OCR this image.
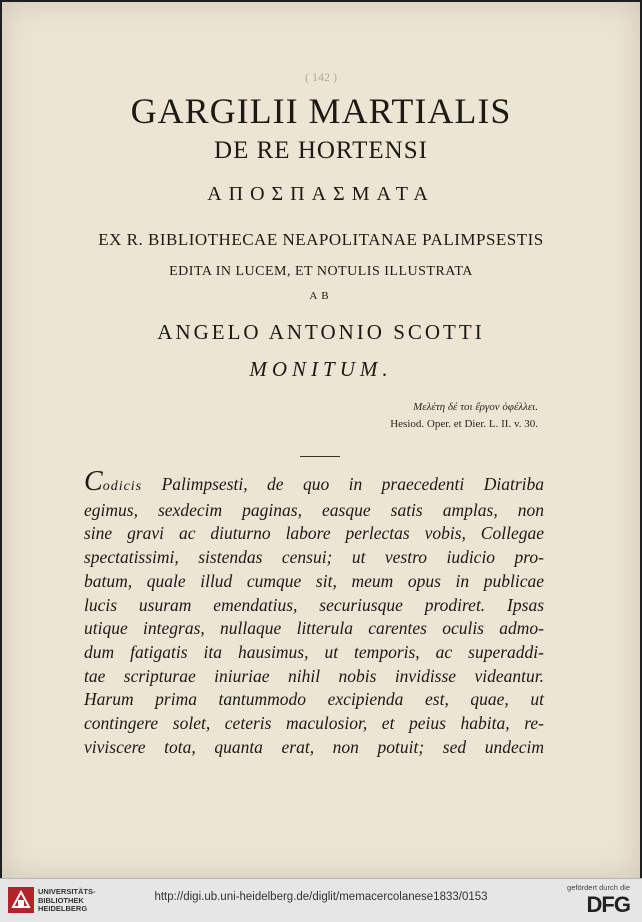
( 142 )
GARGILII MARTIALIS
DE RE HORTENSI
ΑΠΟΣΠΑΣΜΑΤΑ
EX R. BIBLIOTHECAE NEAPOLITANAE PALIMPSESTIS
EDITA IN LUCEM, ET NOTULIS ILLUSTRATA
AB
ANGELO ANTONIO SCOTTI
MONITUM.
Μελέτη δέ τοι ἔργον ὀφέλλει.
Hesiod. Oper. et Dier. L. II. v. 30.
Codicis Palimpsesti, de quo in praecedenti Diatriba
egimus, sexdecim paginas, easque satis amplas, non
sine gravi ac diuturno labore perlectas vobis, Collegae
spectatissimi, sistendas censui; ut vestro iudicio pro-
batum, quale illud cumque sit, meum opus in publicae
lucis usuram emendatius, securiusque prodiret. Ipsas
utique integras, nullaque litterula carentes oculis admo-
dum fatigatis ita hausimus, ut temporis, ac superaddi-
tae scripturae iniuriae nihil nobis invidisse videantur.
Harum prima tantummodo excipienda est, quae, ut
contingere solet, ceteris maculosior, et peius habita, re-
viviscere tota, quanta erat, non potuit; sed undecim
UNIVERSITÄTS-
BIBLIOTHEK
HEIDELBERG
http://digi.ub.uni-heidelberg.de/diglit/memacercolanese1833/0153
gefördert durch die
DFG
